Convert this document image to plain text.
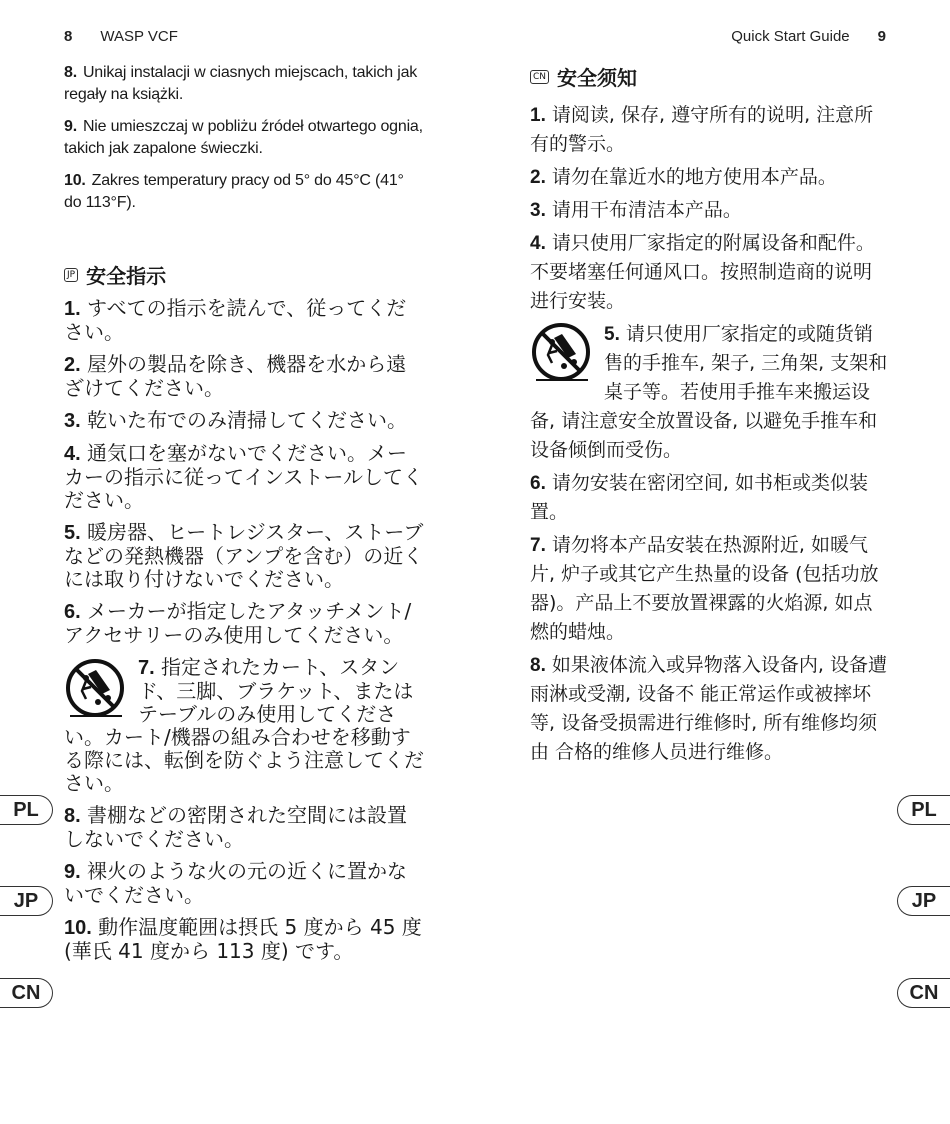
8 WASP VCF	Quick Start Guide 9
8. Unikaj instalacji w ciasnych miejscach, takich jak regały na książki.
9. Nie umieszczaj w pobliżu źródeł otwartego ognia, takich jak zapalone świeczki.
10. Zakres temperatury pracy od 5° do 45°C (41° do 113°F).
JP 安全指示
1. すべての指示を読んで、従ってください。
2. 屋外の製品を除き、機器を水から遠ざけてください。
3. 乾いた布でのみ清掃してください。
4. 通気口を塞がないでください。メーカーの指示に従ってインストールしてください。
5. 暖房器、ヒートレジスター、ストーブなどの発熱機器（アンプを含む）の近くには取り付けないでください。
6. メーカーが指定したアタッチメント/アクセサリーのみ使用してください。
7. 指定されたカート、スタンド、三脚、ブラケット、またはテーブルのみ使用してください。カート/機器の組み合わせを移動する際には、転倒を防ぐよう注意してください。
8. 書棚などの密閉された空間には設置しないでください。
9. 裸火のような火の元の近くに置かないでください。
10. 動作温度範囲は摂氏 5 度から 45 度 (華氏 41 度から 113 度) です。
CN 安全须知
1. 请阅读, 保存, 遵守所有的说明, 注意所有的警示。
2. 请勿在靠近水的地方使用本产品。
3. 请用干布清洁本产品。
4. 请只使用厂家指定的附属设备和配件。不要堵塞任何通风口。按照制造商的说明进行安装。
5. 请只使用厂家指定的或随货销售的手推车, 架子, 三角架, 支架和桌子等。若使用手推车来搬运设备, 请注意安全放置设备, 以避免手推车和设备倾倒而受伤。
6. 请勿安装在密闭空间, 如书柜或类似装置。
7. 请勿将本产品安装在热源附近, 如暖气片, 炉子或其它产生热量的设备 (包括功放器)。产品上不要放置裸露的火焰源, 如点燃的蜡烛。
8. 如果液体流入或异物落入设备内, 设备遭雨淋或受潮, 设备不 能正常运作或被摔坏等, 设备受损需进行维修时, 所有维修均须由 合格的维修人员进行维修。
PL
JP
CN
PL
JP
CN
